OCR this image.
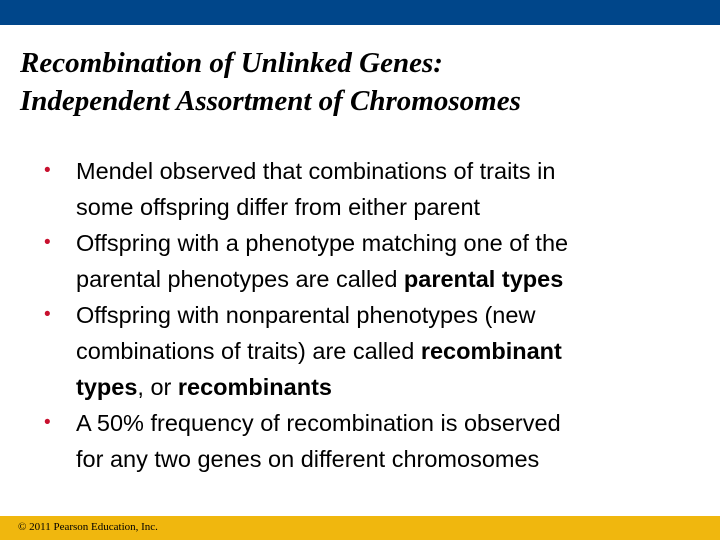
Recombination of Unlinked Genes:
Independent Assortment of Chromosomes
• Mendel observed that combinations of traits in
some offspring differ from either parent
• Offspring with a phenotype matching one of the
parental phenotypes are called parental types
• Offspring with nonparental phenotypes (new
combinations of traits) are called recombinant
types, or recombinants
• A 50% frequency of recombination is observed
for any two genes on different chromosomes
© 2011 Pearson Education, Inc.
